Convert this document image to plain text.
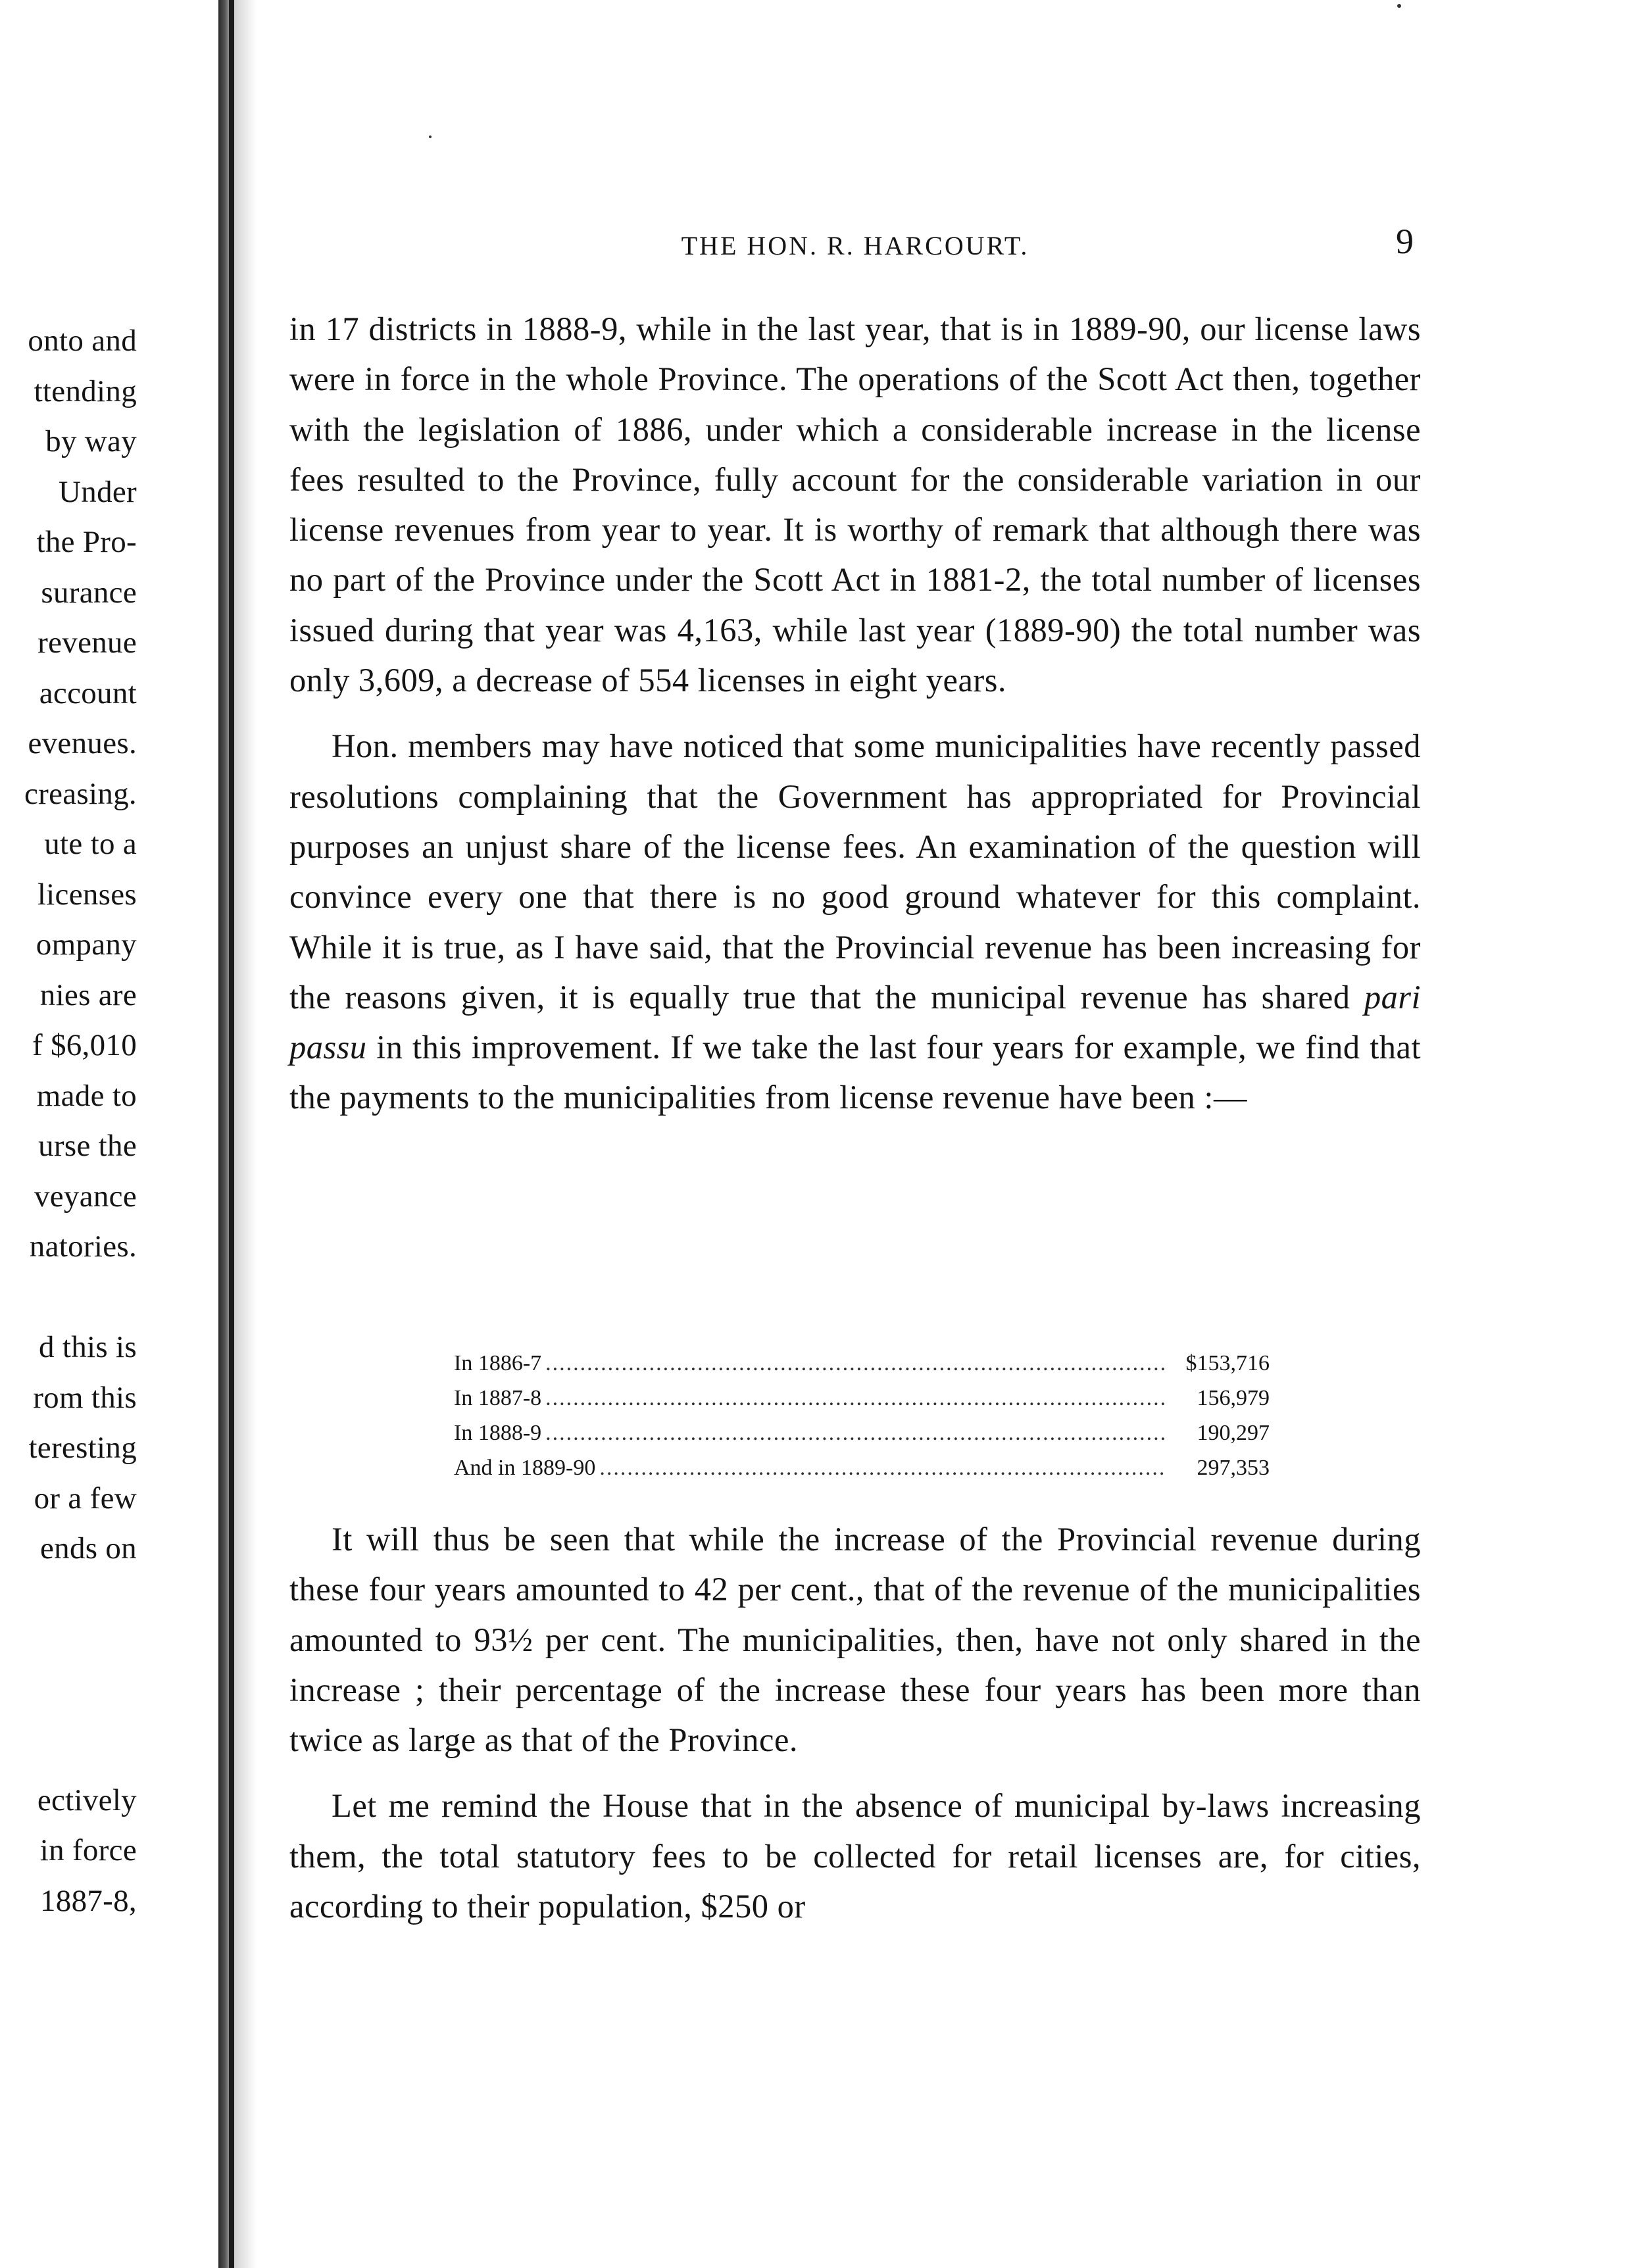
onto and
ttending
by way
Under
the Pro-
surance
revenue
account
evenues.
creasing.
ute to a
licenses
ompany
nies are
f $6,010
made to
urse the
veyance
natories.
d this is
rom this
teresting
or a few
ends on
ectively
in force
1887-8,
THE HON. R. HARCOURT.	9

in 17 districts in 1888-9, while in the last year, that is in 1889-90, our license laws were in force in the whole Province. The operations of the Scott Act then, together with the legislation of 1886, under which a considerable increase in the license fees resulted to the Province, fully account for the considerable variation in our license revenues from year to year. It is worthy of remark that although there was no part of the Province under the Scott Act in 1881-2, the total number of licenses issued during that year was 4,163, while last year (1889-90) the total number was only 3,609, a decrease of 554 licenses in eight years.

Hon. members may have noticed that some municipalities have recently passed resolutions complaining that the Government has appropriated for Provincial purposes an unjust share of the license fees. An examination of the question will convince every one that there is no good ground whatever for this complaint. While it is true, as I have said, that the Provincial revenue has been increasing for the reasons given, it is equally true that the municipal revenue has shared pari passu in this improvement. If we take the last four years for example, we find that the payments to the municipalities from license revenue have been :—

In 1886-7 .....	$153,716
In 1887-8 .....	156,979
In 1888-9 .....	190,297
And in 1889-90 .....	297,353

It will thus be seen that while the increase of the Provincial revenue during these four years amounted to 42 per cent., that of the revenue of the municipalities amounted to 93½ per cent. The municipalities, then, have not only shared in the increase ; their percentage of the increase these four years has been more than twice as large as that of the Province.

Let me remind the House that in the absence of municipal by-laws increasing them, the total statutory fees to be collected for retail licenses are, for cities, according to their population, $250 or
